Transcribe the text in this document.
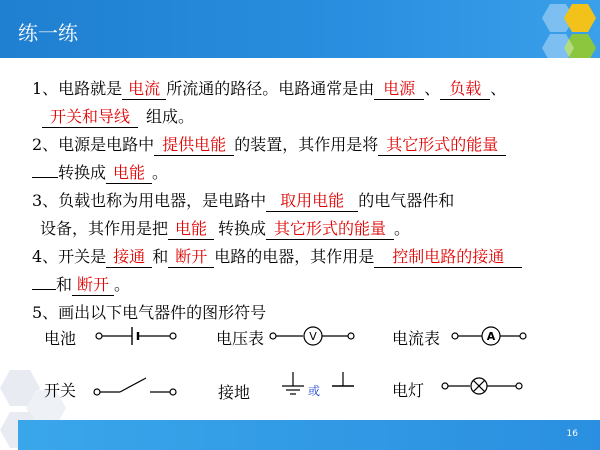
练一练
16
1、电路就是 电流 所流通的路径。电路通常是由 电源 、 负载 、
开关和导线 组成。
2、电源是电路中 提供电能 的装置，其作用是将 其它形式的能量
转换成 电能 。
3、负载也称为用电器，是电路中 取用电能 的电气器件和
设备，其作用是把 电能 转换成 其它形式的能量 。
4、开关是 接通 和 断开 电路的电器，其作用是 控制电路的接通
和 断开 。
5、画出以下电气器件的图形符号
电池	电压表	V	电流表	A
开关	接地	或	电灯
